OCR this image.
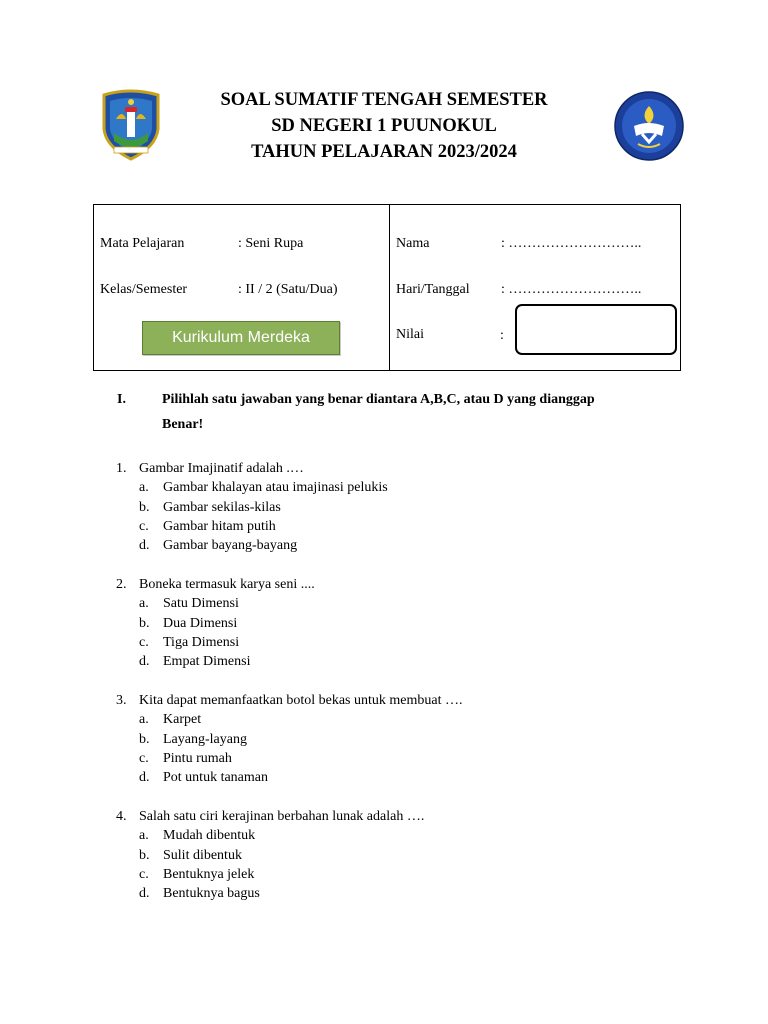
SOAL SUMATIF TENGAH SEMESTER
SD NEGERI 1 PUUNOKUL
TAHUN PELAJARAN 2023/2024
Mata Pelajaran	: Seni Rupa
Kelas/Semester	: II / 2 (Satu/Dua)
Kurikulum Merdeka
Nama	: ………………………..
Hari/Tanggal : ………………………..
Nilai	:
I.	Pilihlah satu jawaban yang benar diantara A,B,C, atau D yang dianggap
Benar!
1. Gambar Imajinatif adalah .…
a. Gambar khalayan atau imajinasi pelukis
b. Gambar sekilas-kilas
c. Gambar hitam putih
d. Gambar bayang-bayang
2. Boneka termasuk karya seni ....
a. Satu Dimensi
b. Dua Dimensi
c. Tiga Dimensi
d. Empat Dimensi
3. Kita dapat memanfaatkan botol bekas untuk membuat ….
a. Karpet
b. Layang-layang
c. Pintu rumah
d. Pot untuk tanaman
4. Salah satu ciri kerajinan berbahan lunak adalah ….
a. Mudah dibentuk
b. Sulit dibentuk
c. Bentuknya jelek
d. Bentuknya bagus
